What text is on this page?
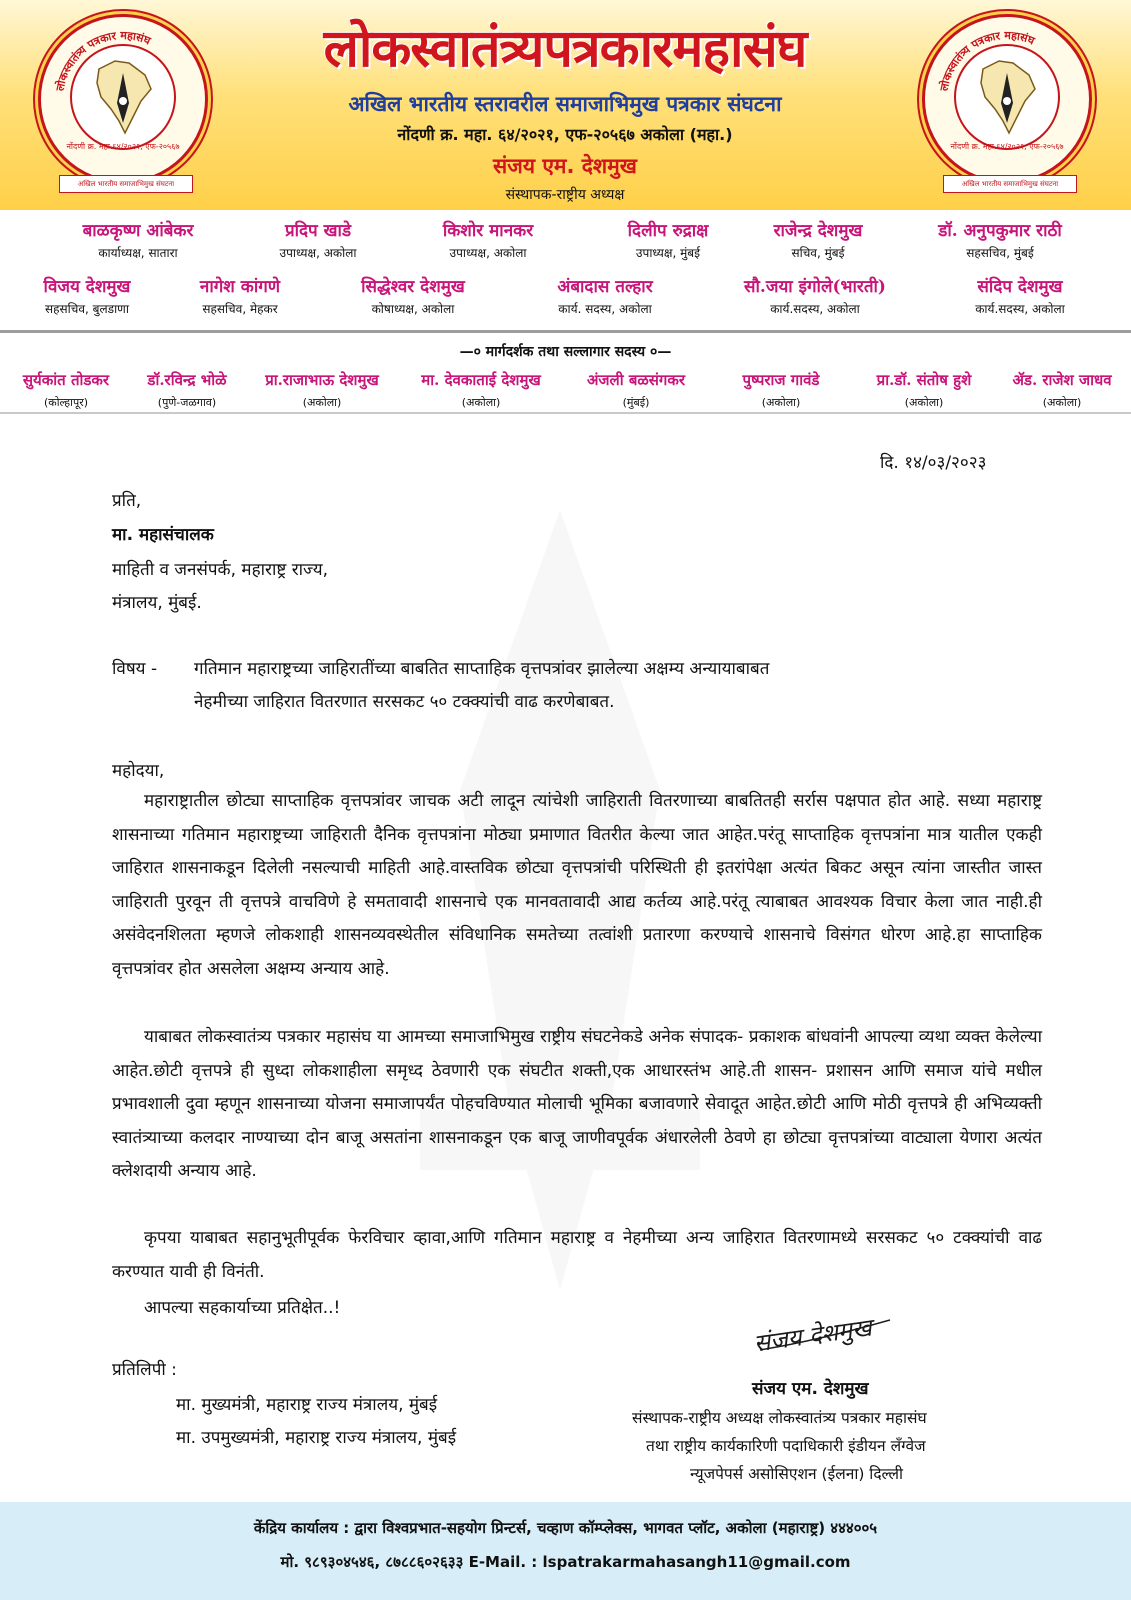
लोकस्वातंत्र्य पत्रकार महासंघ
नोंदणी क्र. महा.६४/२०२१, एफ-२०५६७
अखिल भारतीय समाजाभिमुख संघटना
लोकस्वातंत्र्यपत्रकारमहासंघ
अखिल भारतीय स्तरावरील समाजाभिमुख पत्रकार संघटना
नोंदणी क्र. महा. ६४/२०२१, एफ-२०५६७ अकोला (महा.)
संजय एम. देशमुख
संस्थापक-राष्ट्रीय अध्यक्ष
लोकस्वातंत्र्य पत्रकार महासंघ
नोंदणी क्र. महा.६४/२०२१, एफ-२०५६७
अखिल भारतीय समाजाभिमुख संघटना
बाळकृष्ण आंबेकर
कार्याध्यक्ष, सातारा
प्रदिप खाडे
उपाध्यक्ष, अकोला
किशोर मानकर
उपाध्यक्ष, अकोला
दिलीप रुद्राक्ष
उपाध्यक्ष, मुंबई
राजेन्द्र देशमुख
सचिव, मुंबई
डॉ. अनुपकुमार राठी
सहसचिव, मुंबई
विजय देशमुख
सहसचिव, बुलडाणा
नागेश कांगणे
सहसचिव, मेहकर
सिद्धेश्वर देशमुख
कोषाध्यक्ष, अकोला
अंबादास तल्हार
कार्य. सदस्य, अकोला
सौ.जया इंगोले(भारती)
कार्य.सदस्य, अकोला
संदिप देशमुख
कार्य.सदस्य, अकोला
—० मार्गदर्शक तथा सल्लागार सदस्य ०—
सुर्यकांत तोडकर
(कोल्हापूर)
डॉ.रविन्द्र भोळे
(पुणे-जळगाव)
प्रा.राजाभाऊ देशमुख
(अकोला)
मा. देवकाताई देशमुख
(अकोला)
अंजली बळसंगकर
(मुंबई)
पुष्पराज गावंडे
(अकोला)
प्रा.डॉ. संतोष हुशे
(अकोला)
ॲड. राजेश जाधव
(अकोला)
दि. १४/०३/२०२३
प्रति,
मा. महासंचालक
माहिती व जनसंपर्क, महाराष्ट्र राज्य,
मंत्रालय, मुंबई.
विषय - गतिमान महाराष्ट्रच्या जाहिरातींच्या बाबतित साप्ताहिक वृत्तपत्रांवर झालेल्या अक्षम्य अन्यायाबाबत
नेहमीच्या जाहिरात वितरणात सरसकट ५० टक्क्यांची वाढ करणेबाबत.
महोदया,
महाराष्ट्रातील छोट्या साप्ताहिक वृत्तपत्रांवर जाचक अटी लादून त्यांचेशी जाहिराती वितरणाच्या बाबतितही सर्रास पक्षपात होत आहे. सध्या महाराष्ट्र शासनाच्या गतिमान महाराष्ट्रच्या जाहिराती दैनिक वृत्तपत्रांना मोठ्या प्रमाणात वितरीत केल्या जात आहेत.परंतू साप्ताहिक वृत्तपत्रांना मात्र यातील एकही जाहिरात शासनाकडून दिलेली नसल्याची माहिती आहे.वास्तविक छोट्या वृत्तपत्रांची परिस्थिती ही इतरांपेक्षा अत्यंत बिकट असून त्यांना जास्तीत जास्त जाहिराती पुरवून ती वृत्तपत्रे वाचविणे हे समतावादी शासनाचे एक मानवतावादी आद्य कर्तव्य आहे.परंतू त्याबाबत आवश्यक विचार केला जात नाही.ही असंवेदनशिलता म्हणजे लोकशाही शासनव्यवस्थेतील संविधानिक समतेच्या तत्वांशी प्रतारणा करण्याचे शासनाचे विसंगत धोरण आहे.हा साप्ताहिक वृत्तपत्रांवर होत असलेला अक्षम्य अन्याय आहे.
याबाबत लोकस्वातंत्र्य पत्रकार महासंघ या आमच्या समाजाभिमुख राष्ट्रीय संघटनेकडे अनेक संपादक- प्रकाशक बांधवांनी आपल्या व्यथा व्यक्त केलेल्या आहेत.छोटी वृत्तपत्रे ही सुध्दा लोकशाहीला समृध्द ठेवणारी एक संघटीत शक्ती,एक आधारस्तंभ आहे.ती शासन- प्रशासन आणि समाज यांचे मधील प्रभावशाली दुवा म्हणून शासनाच्या योजना समाजापर्यंत पोहचविण्यात मोलाची भूमिका बजावणारे सेवादूत आहेत.छोटी आणि मोठी वृत्तपत्रे ही अभिव्यक्ती स्वातंत्र्याच्या कलदार नाण्याच्या दोन बाजू असतांना शासनाकडून एक बाजू जाणीवपूर्वक अंधारलेली ठेवणे हा छोट्या वृत्तपत्रांच्या वाट्याला येणारा अत्यंत क्लेशदायी अन्याय आहे.
कृपया याबाबत सहानुभूतीपूर्वक फेरविचार व्हावा,आणि गतिमान महाराष्ट्र व नेहमीच्या अन्य जाहिरात वितरणामध्ये सरसकट ५० टक्क्यांची वाढ करण्यात यावी ही विनंती.
आपल्या सहकार्याच्या प्रतिक्षेत..!
प्रतिलिपी :
मा. मुख्यमंत्री, महाराष्ट्र राज्य मंत्रालय, मुंबई
मा. उपमुख्यमंत्री, महाराष्ट्र राज्य मंत्रालय, मुंबई
संजय देशमुख
संजय एम. देशमुख
संस्थापक-राष्ट्रीय अध्यक्ष लोकस्वातंत्र्य पत्रकार महासंघ
तथा राष्ट्रीय कार्यकारिणी पदाधिकारी इंडीयन लँग्वेज
न्यूजपेपर्स असोसिएशन (ईलना) दिल्ली
केंद्रिय कार्यालय : द्वारा विश्वप्रभात-सहयोग प्रिन्टर्स, चव्हाण कॉम्प्लेक्स, भागवत प्लॉट, अकोला (महाराष्ट्र) ४४४००५
मो. ९८९३०४५४६, ८७८८६०२६३३ E-Mail. : lspatrakarmahasangh11@gmail.com
